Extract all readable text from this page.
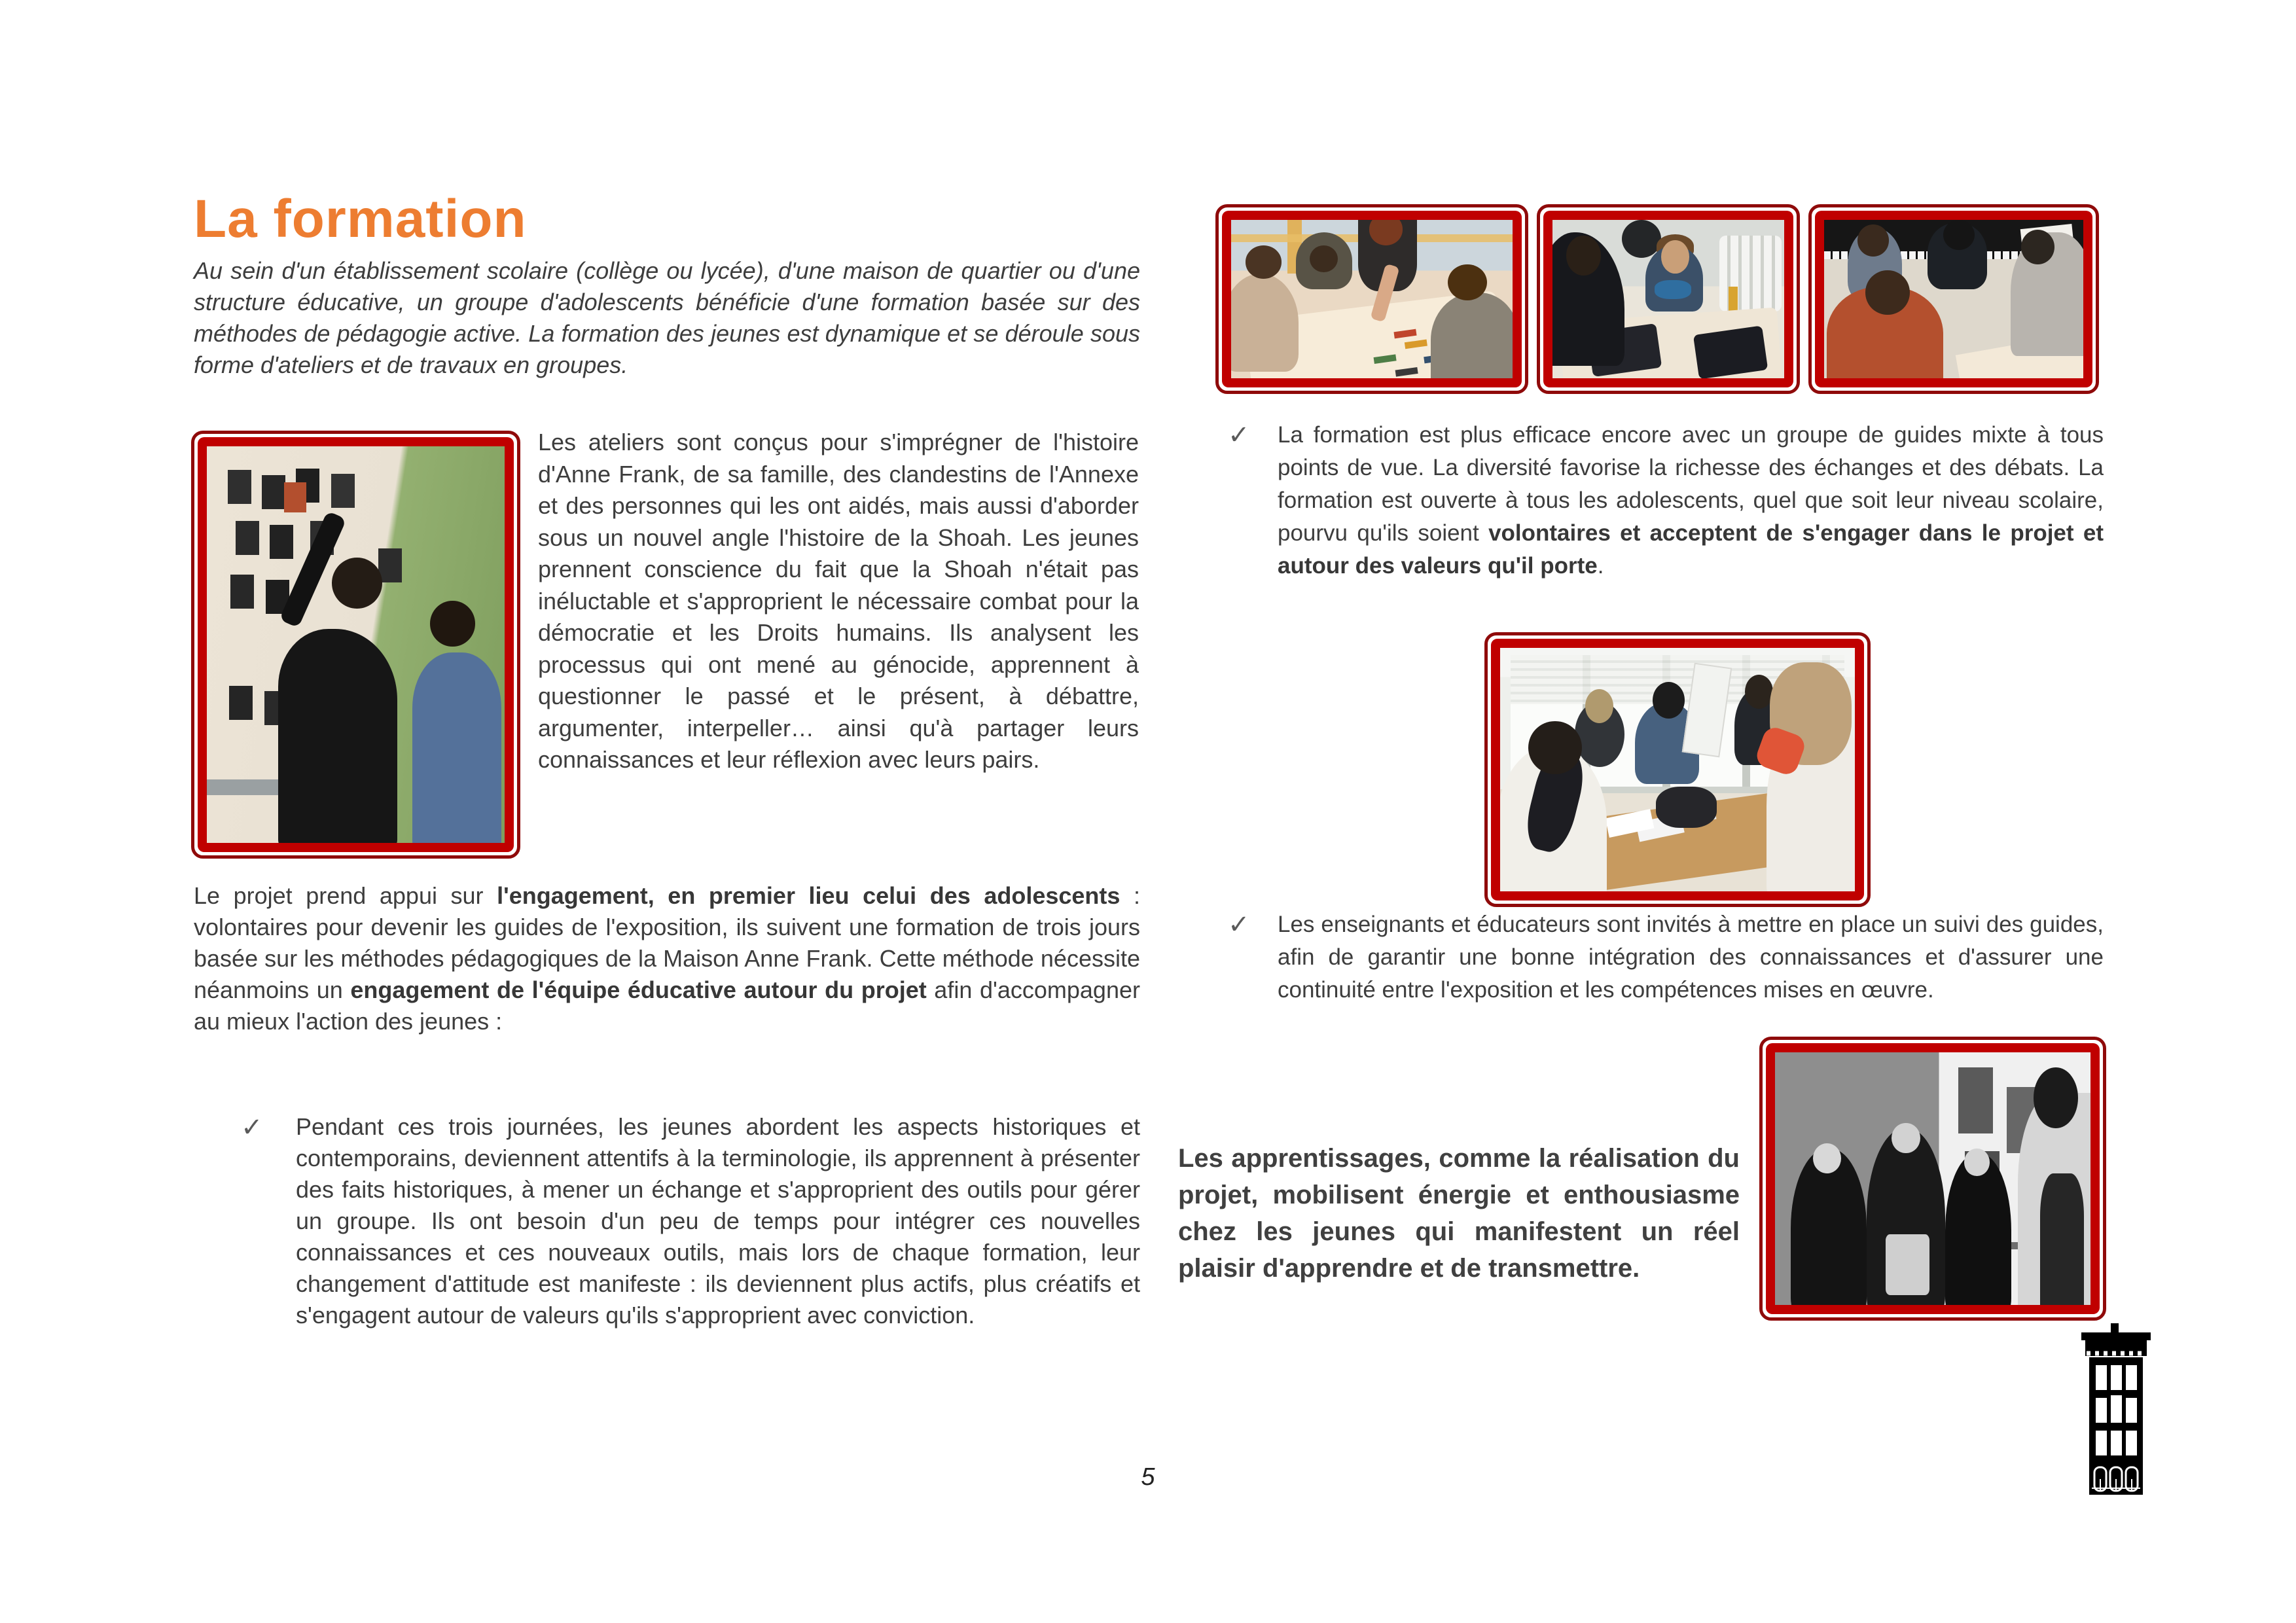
La formation

Au sein d'un établissement scolaire (collège ou lycée), d'une maison de quartier ou d'une structure éducative, un groupe d'adolescents bénéficie d'une formation basée sur des méthodes de pédagogie active. La formation des jeunes est dynamique et se déroule sous forme d'ateliers et de travaux en groupes.

Les ateliers sont conçus pour s'imprégner de l'histoire d'Anne Frank, de sa famille, des clandestins de l'Annexe et des personnes qui les ont aidés, mais aussi d'aborder sous un nouvel angle l'histoire de la Shoah. Les jeunes prennent conscience du fait que la Shoah n'était pas inéluctable et s'approprient le nécessaire combat pour la démocratie et les Droits humains. Ils analysent les processus qui ont mené au génocide, apprennent à questionner le passé et le présent, à débattre, argumenter, interpeller… ainsi qu'à partager leurs connaissances et leur réflexion avec leurs pairs.

Le projet prend appui sur l'engagement, en premier lieu celui des adolescents : volontaires pour devenir les guides de l'exposition, ils suivent une formation de trois jours basée sur les méthodes pédagogiques de la Maison Anne Frank. Cette méthode nécessite néanmoins un engagement de l'équipe éducative autour du projet afin d'accompagner au mieux l'action des jeunes :

✓ Pendant ces trois journées, les jeunes abordent les aspects historiques et contemporains, deviennent attentifs à la terminologie, ils apprennent à présenter des faits historiques, à mener un échange et s'approprient des outils pour gérer un groupe. Ils ont besoin d'un peu de temps pour intégrer ces nouvelles connaissances et ces nouveaux outils, mais lors de chaque formation, leur changement d'attitude est manifeste : ils deviennent plus actifs, plus créatifs et s'engagent autour de valeurs qu'ils s'approprient avec conviction.

✓ La formation est plus efficace encore avec un groupe de guides mixte à tous points de vue. La diversité favorise la richesse des échanges et des débats. La formation est ouverte à tous les adolescents, quel que soit leur niveau scolaire, pourvu qu'ils soient volontaires et acceptent de s'engager dans le projet et autour des valeurs qu'il porte.

✓ Les enseignants et éducateurs sont invités à mettre en place un suivi des guides, afin de garantir une bonne intégration des connaissances et d'assurer une continuité entre l'exposition et les compétences mises en œuvre.

Les apprentissages, comme la réalisation du projet, mobilisent énergie et enthousiasme chez les jeunes qui manifestent un réel plaisir d'apprendre et de transmettre.

5
